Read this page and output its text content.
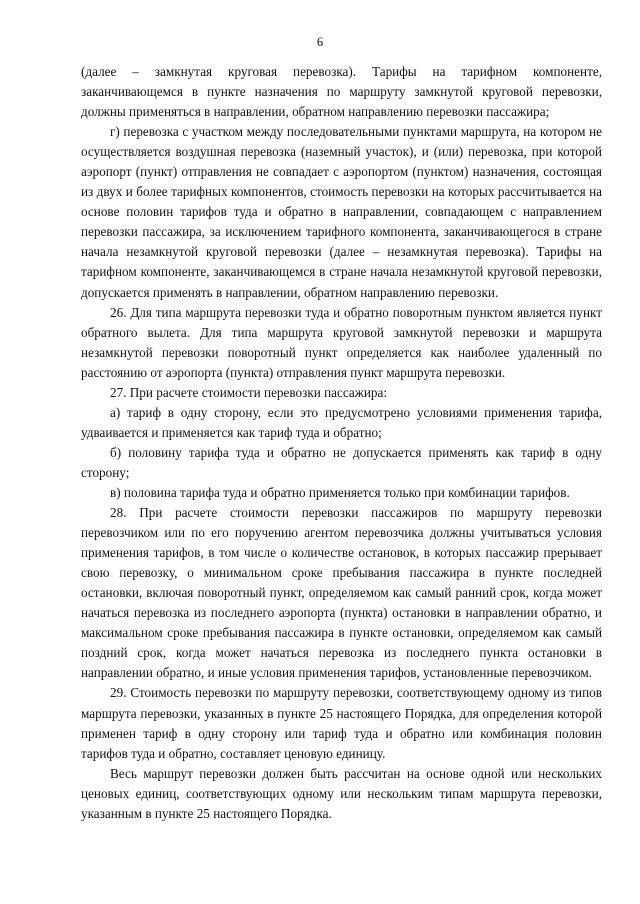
6

(далее – замкнутая круговая перевозка). Тарифы на тарифном компоненте, заканчивающемся в пункте назначения по маршруту замкнутой круговой перевозки, должны применяться в направлении, обратном направлению перевозки пассажира;

г) перевозка с участком между последовательными пунктами маршрута, на котором не осуществляется воздушная перевозка (наземный участок), и (или) перевозка, при которой аэропорт (пункт) отправления не совпадает с аэропортом (пунктом) назначения, состоящая из двух и более тарифных компонентов, стоимость перевозки на которых рассчитывается на основе половин тарифов туда и обратно в направлении, совпадающем с направлением перевозки пассажира, за исключением тарифного компонента, заканчивающегося в стране начала незамкнутой круговой перевозки (далее – незамкнутая перевозка). Тарифы на тарифном компоненте, заканчивающемся в стране начала незамкнутой круговой перевозки, допускается применять в направлении, обратном направлению перевозки.

26. Для типа маршрута перевозки туда и обратно поворотным пунктом является пункт обратного вылета. Для типа маршрута круговой замкнутой перевозки и маршрута незамкнутой перевозки поворотный пункт определяется как наиболее удаленный по расстоянию от аэропорта (пункта) отправления пункт маршрута перевозки.

27. При расчете стоимости перевозки пассажира:

а) тариф в одну сторону, если это предусмотрено условиями применения тарифа, удваивается и применяется как тариф туда и обратно;

б) половину тарифа туда и обратно не допускается применять как тариф в одну сторону;

в) половина тарифа туда и обратно применяется только при комбинации тарифов.

28. При расчете стоимости перевозки пассажиров по маршруту перевозки перевозчиком или по его поручению агентом перевозчика должны учитываться условия применения тарифов, в том числе о количестве остановок, в которых пассажир прерывает свою перевозку, о минимальном сроке пребывания пассажира в пункте последней остановки, включая поворотный пункт, определяемом как самый ранний срок, когда может начаться перевозка из последнего аэропорта (пункта) остановки в направлении обратно, и максимальном сроке пребывания пассажира в пункте остановки, определяемом как самый поздний срок, когда может начаться перевозка из последнего пункта остановки в направлении обратно, и иные условия применения тарифов, установленные перевозчиком.

29. Стоимость перевозки по маршруту перевозки, соответствующему одному из типов маршрута перевозки, указанных в пункте 25 настоящего Порядка, для определения которой применен тариф в одну сторону или тариф туда и обратно или комбинация половин тарифов туда и обратно, составляет ценовую единицу.

Весь маршрут перевозки должен быть рассчитан на основе одной или нескольких ценовых единиц, соответствующих одному или нескольким типам маршрута перевозки, указанным в пункте 25 настоящего Порядка.
